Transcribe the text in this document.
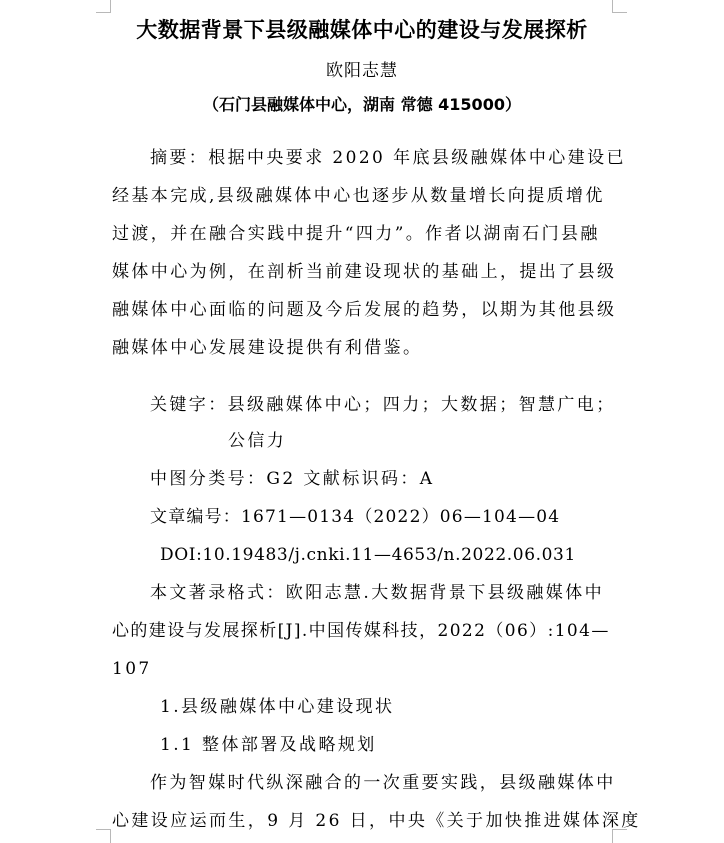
大数据背景下县级融媒体中心的建设与发展探析
欧阳志慧
（石门县融媒体中心，湖南 常德 415000）
摘要：根据中央要求 2020 年底县级融媒体中心建设已
经基本完成,县级融媒体中心也逐步从数量增长向提质增优
过渡，并在融合实践中提升“四力”。作者以湖南石门县融
媒体中心为例，在剖析当前建设现状的基础上，提出了县级
融媒体中心面临的问题及今后发展的趋势，以期为其他县级
融媒体中心发展建设提供有利借鉴。
关键字：县级融媒体中心；四力；大数据；智慧广电；
公信力
中图分类号：G2 文献标识码：A
文章编号：1671—0134（2022）06—104—04
DOI:10.19483/j.cnki.11—4653/n.2022.06.031
本文著录格式：欧阳志慧.大数据背景下县级融媒体中
心的建设与发展探析[J].中国传媒科技，2022（06）:104—
107
1.县级融媒体中心建设现状
1.1 整体部署及战略规划
作为智媒时代纵深融合的一次重要实践，县级融媒体中
心建设应运而生，9 月 26 日，中央《关于加快推进媒体深度
